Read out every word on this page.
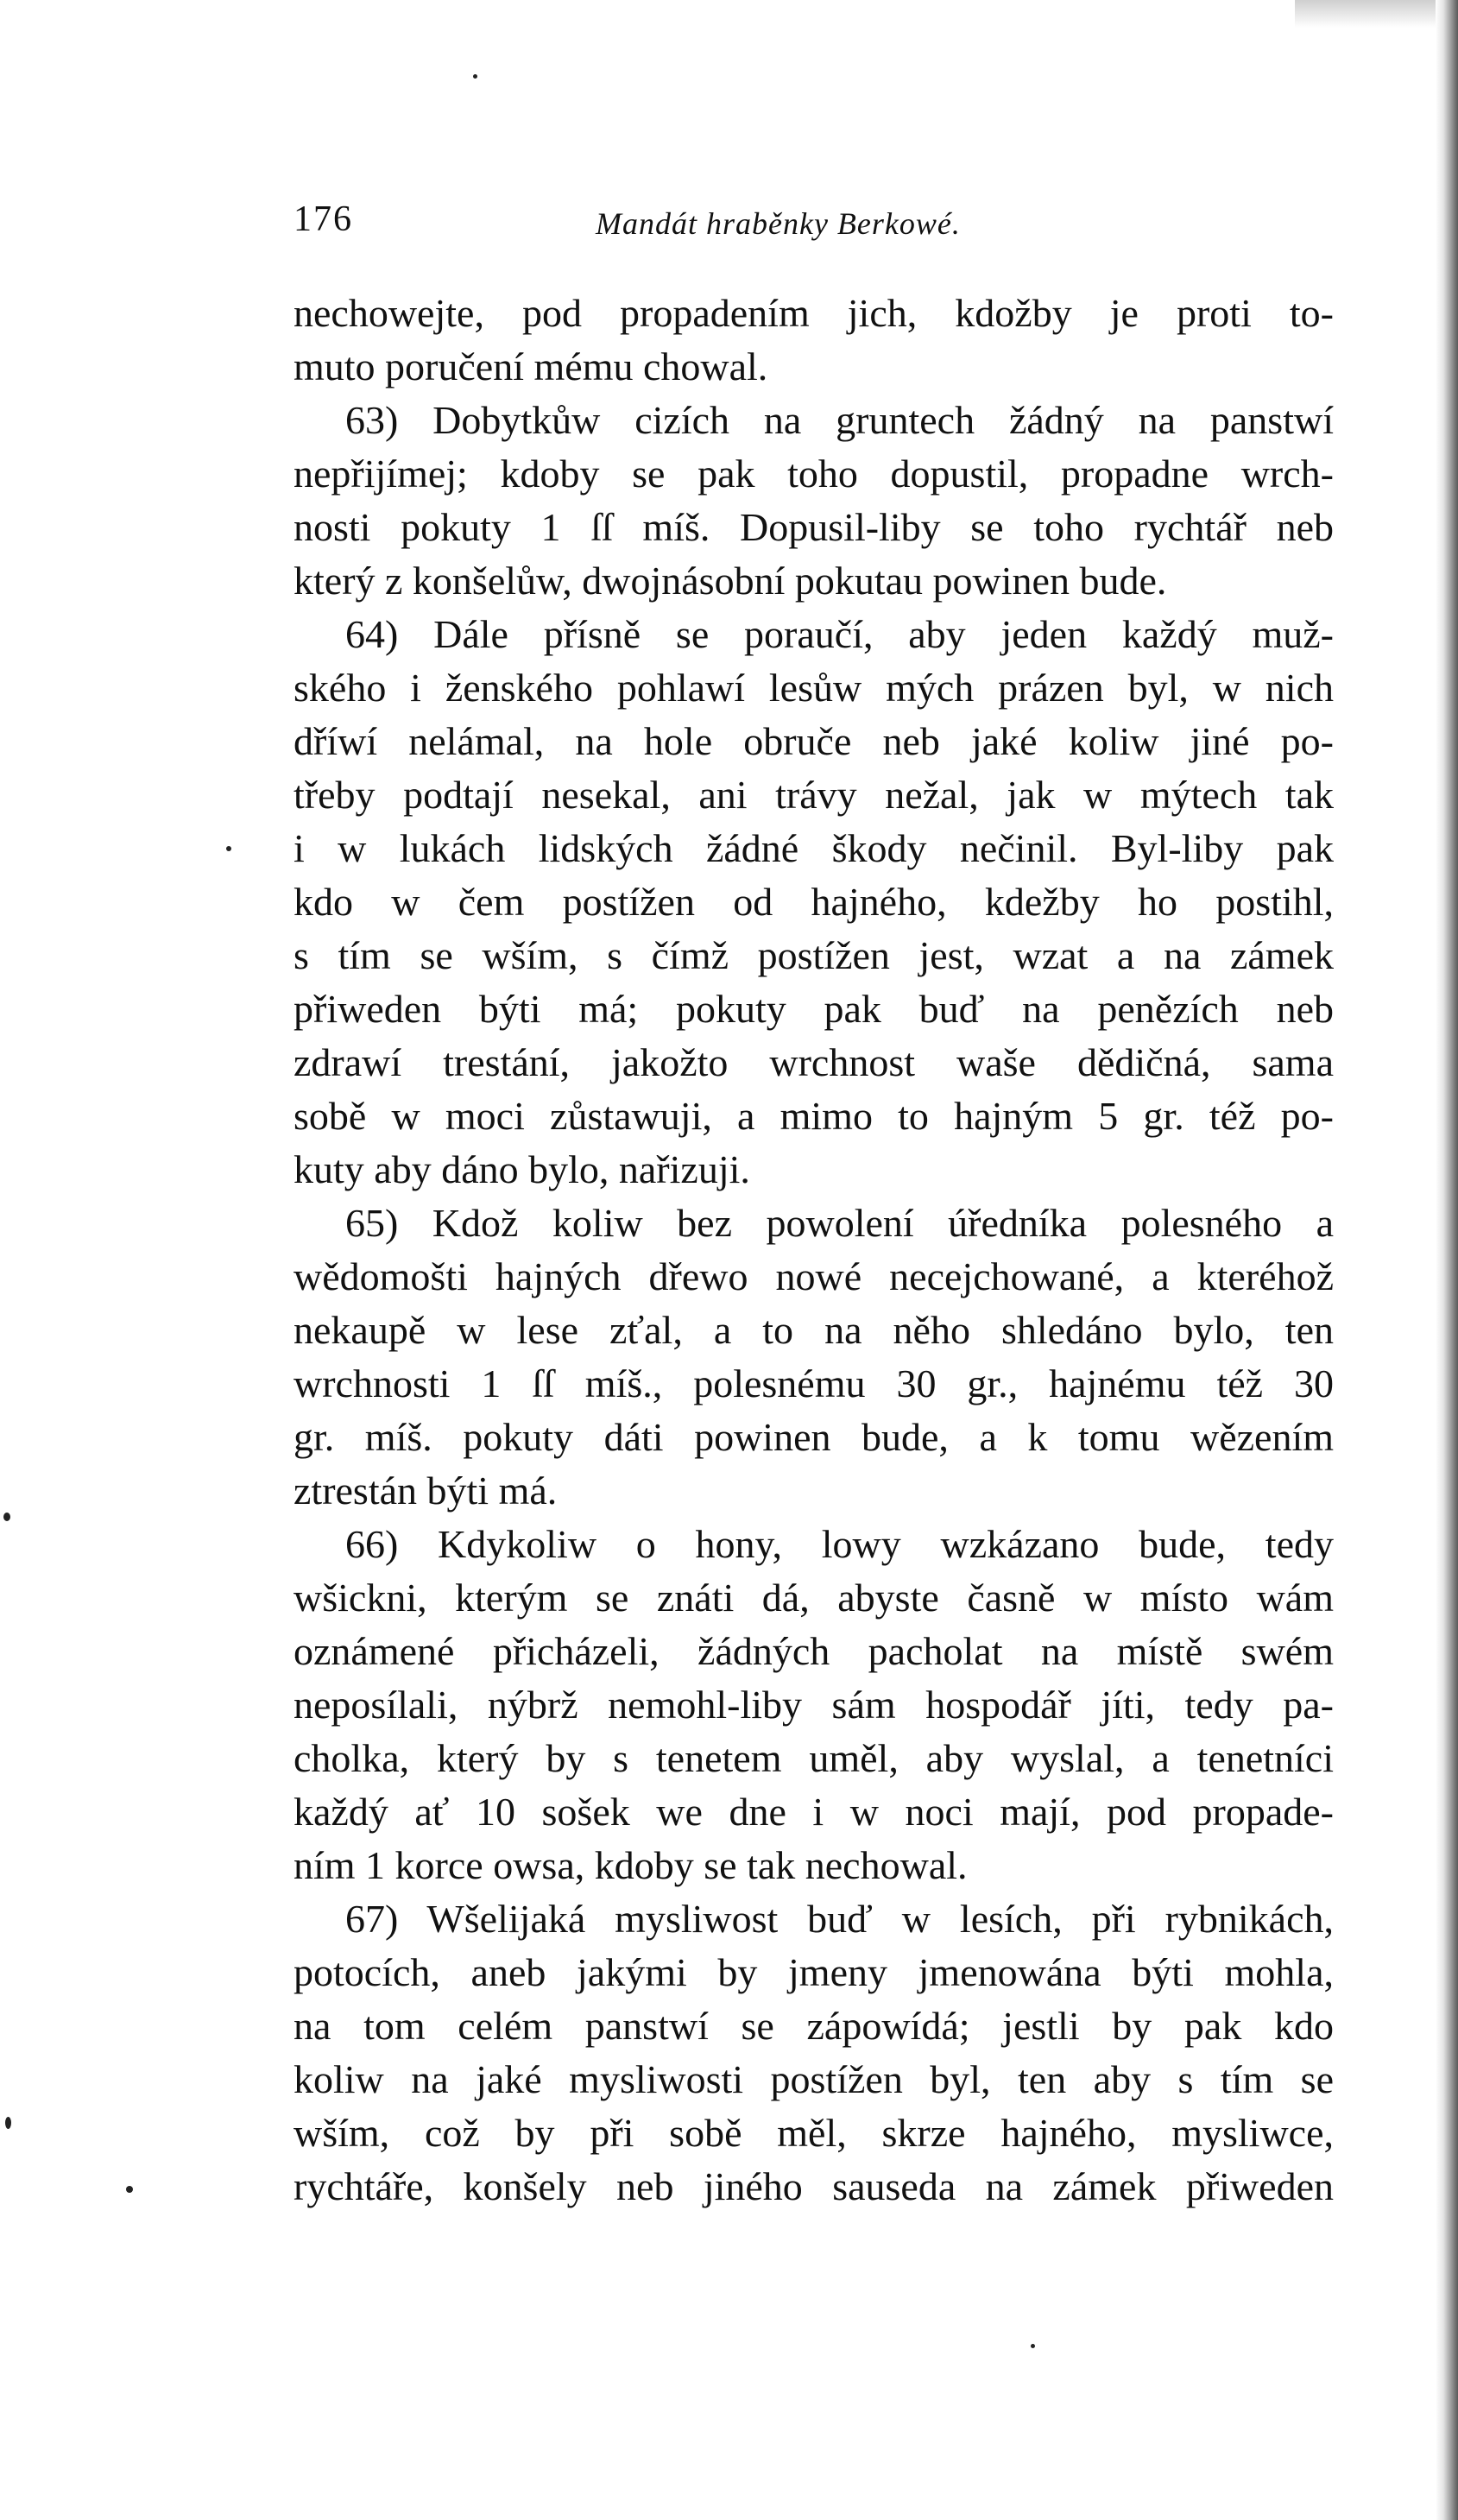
176	Mandát hraběnky Berkowé.

nechowejte, pod propadením jich, kdožby je proti to-

muto poručení mému chowal.

63) Dobytkůw cizích na gruntech žádný na panstwí

nepřijímej; kdoby se pak toho dopustil, propadne wrch-

nosti pokuty 1 ſſ míš. Dopusil-liby se toho rychtář neb

který z konšelůw, dwojnásobní pokutau powinen bude.

64) Dále přísně se poraučí, aby jeden každý muž-

ského i ženského pohlawí lesůw mých prázen byl, w nich

dříwí nelámal, na hole obruče neb jaké koliw jiné po-

třeby podtají nesekal, ani trávy nežal, jak w mýtech tak

i w lukách lidských žádné škody nečinil. Byl-liby pak

kdo w čem postížen od hajného, kdežby ho postihl,

s tím se wším, s čímž postížen jest, wzat a na zámek

přiweden býti má; pokuty pak buď na penězích neb

zdrawí trestání, jakožto wrchnost waše dědičná, sama

sobě w moci zůstawuji, a mimo to hajným 5 gr. též po-

kuty aby dáno bylo, nařizuji.

65) Kdož koliw bez powolení úředníka polesného a

wědomošti hajných dřewo nowé necejchowané, a kteréhož

nekaupě w lese zťal, a to na něho shledáno bylo, ten

wrchnosti 1 ſſ míš., polesnému 30 gr., hajnému též 30

gr. míš. pokuty dáti powinen bude, a k tomu wězením

ztrestán býti má.

66) Kdykoliw o hony, lowy wzkázano bude, tedy

wšickni, kterým se znáti dá, abyste časně w místo wám

oznámené přicházeli, žádných pacholat na místě swém

neposílali, nýbrž nemohl-liby sám hospodář jíti, tedy pa-

cholka, který by s tenetem uměl, aby wyslal, a tenetníci

každý ať 10 sošek we dne i w noci mají, pod propade-

ním 1 korce owsa, kdoby se tak nechowal.

67) Wšelijaká mysliwost buď w lesích, při rybnikách,

potocích, aneb jakými by jmeny jmenowána býti mohla,

na tom celém panstwí se zápowídá; jestli by pak kdo

koliw na jaké mysliwosti postížen byl, ten aby s tím se

wším, což by při sobě měl, skrze hajného, mysliwce,

rychtáře, konšely neb jiného sauseda na zámek přiweden
